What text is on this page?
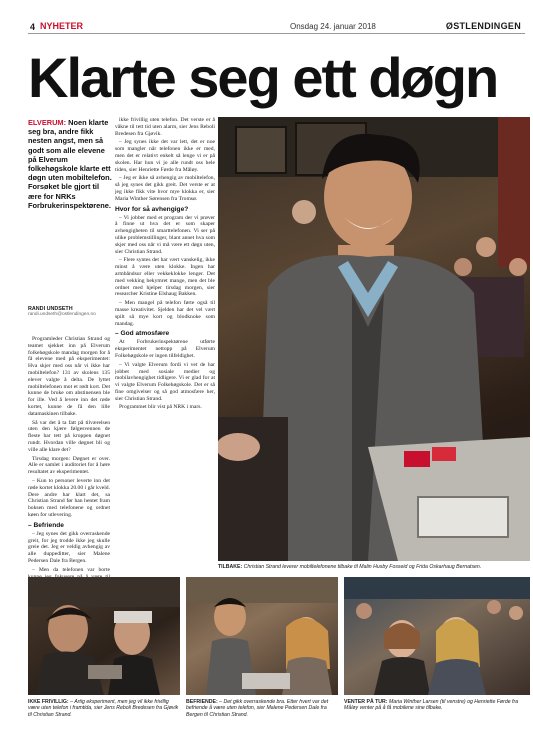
4 NYHETER	Onsdag 24. januar 2018	ØSTLENDINGEN
Klarte seg ett døgn
ELVERUM: Noen klarte seg bra, andre fikk nesten angst, men så godt som alle elevene på Elverum folkehøgskole klarte ett døgn uten mobiltelefon. Forsøket ble gjort til ære for NRKs Forbrukerinspektørene.
RANDI UNDSETH
randi.undseth@ostlendingen.no

Programleder Christian Strand og teamet sjekket inn på Elverum folkehøgskole mandag morgen for å få elevene med på eksperimentet: Hva skjer med oss når vi ikke har mobiltelefon? 131 av skolens 135 elever valgte å delta. De lyttet mobiltelefonen mot et rødt kort. Det kunne de bruke om abstinensen ble for ille. Ved å levere inn det røde kortet, kunne de få den lille datamaskinen tilbake.

Så var det å ta fatt på tilværelsen uten den kjære følgesvennen de fleste har tett på kroppen døgnet rundt. Hvordan ville døgnet bli og ville alle klare det?

Tirsdag morgen: Døgnet er over. Alle er samlet i auditoriet for å høre resultatet av eksperimentet.

– Kun to personer leverte inn det røde kortet klokka 20.00 i går kveld. Dere andre har klart det, sa Christian Strand før han hentet fram boksen med telefonene og ordnet køen for utlevering.

– Befriende

– Jeg synes det gikk overraskende greit, for jeg trodde ikke jeg skulle greie det. Jeg er veldig avhengig av alle duppeditter, sier Malene Pedersen Dale fra Bergen.

– Men da telefonen var borte

ikke frivillig uten telefon. Det verste er å våkne til tett tid uten alarm, sier Jens Reboli Bredesen fra Gjøvik.

– Jeg synes ikke det var lett, det er noe som mangler når telefonen ikke er med, men det er relativt enkelt så lenge vi er på skolen. Har hun vi jo alle rundt oss hele tiden, sier Henriette Førde fra Måløy.

– Jeg er ikke så avhengig av mobiltelefon, så jeg synes det gikk greit. Det verste er at jeg ikke fikk vite hvor mye klokka er, sier Maria Winther Sørensen fra Tromsø.

Hvor for så avhengige?

– Vi jobber med et program der vi prøver å finne ut hva det er som skaper avhengigheten til smarttelefonen. Vi ser på ulike problemstillinger, blant annet hva som skjer med oss når vi må være ett døgn uten, sier Christian Strand.

– Flere syntes det har vært vanskelig, ikke minst å være uten klokke. Ingen har armbåndsur eller vekkeklokke lenger. Det med vekking bekymret mange, men det ble ordnet med hjelper tirsdag morgen, sier researcher Kristine Elshaug Bakken.

– Men mangel på telefon førte også til masse kreativitet. Sjelden har det vel vært spilt så mye kort og blodknoke som mandag.

– God atmosfære

At Forbrukerinspektørene utførte eksperimentet nettopp på Elverum Folkehøgskole er ingen tilfeldighet.

– Vi valgte Elverum fordi vi vet de har jobbet med sosiale medier og mobilavhengighet tidligere. Vi er glad for at vi valgte Elverum Folkehøgskole. Det er så fine omgivelser og så god atmosfære her, sier Christian Strand.

Programmet blir vist på NRK i mars.

TILBAKE: Christian Strand leverer mobiltelefonene tilbake til Malin Husby Fosseid og Frida Oskarhaug Bernatsen.
IKKE FRIVILLIG: – Artig eksperiment, men jeg vil ikke frivillig være uten telefon i framtida, sier Jens Reboli Bredesen fra Gjøvik til Christian Strand.
BEFRIENDE: – Det gikk overraskende bra. Etter hvert var det befriende å være uten telefon, sier Malene Pedersen Dale fra Bergen til Christian Strand.
VENTER PÅ TUR: Maria Winther Larsen (til venstre) og Henriette Førde fra Måløy venter på å få mobilene sine tilbake.
